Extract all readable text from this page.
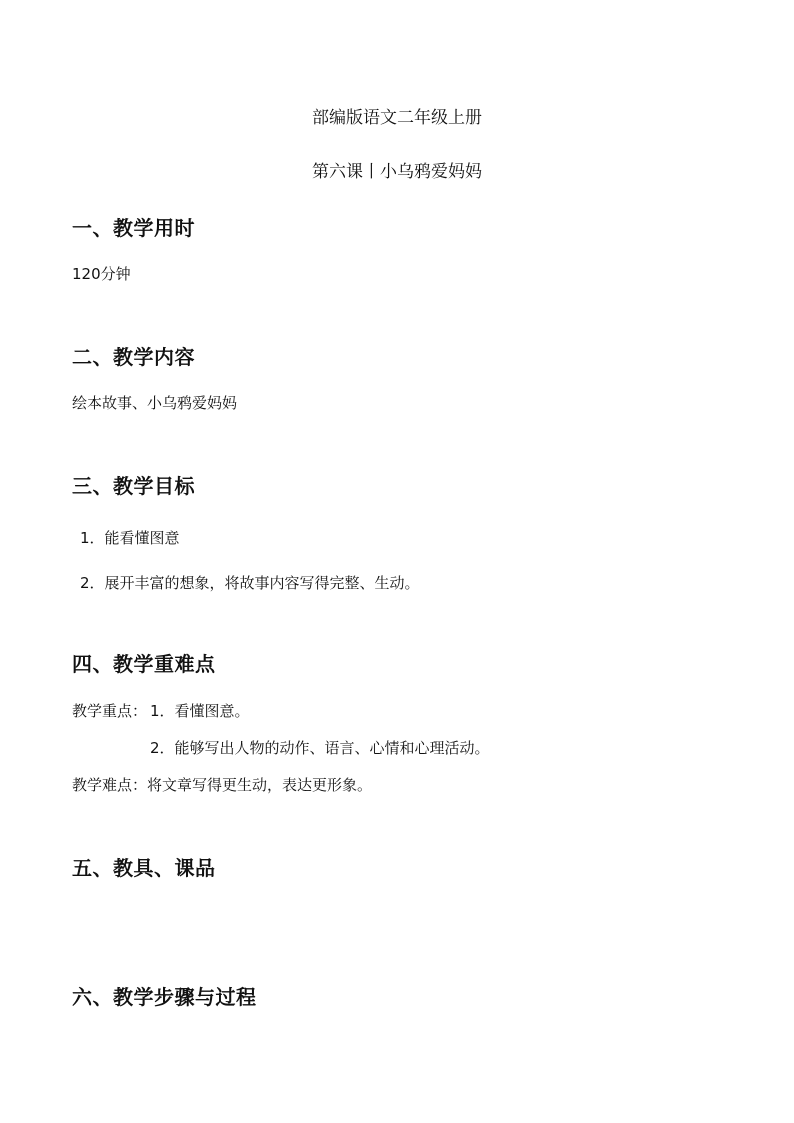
部编版语文二年级上册
第六课丨小乌鸦爱妈妈
一、教学用时
120分钟
二、教学内容
绘本故事、小乌鸦爱妈妈
三、教学目标
1．能看懂图意
2．展开丰富的想象，将故事内容写得完整、生动。
四、教学重难点
教学重点： 1．看懂图意。
2．能够写出人物的动作、语言、心情和心理活动。
教学难点：将文章写得更生动，表达更形象。
五、教具、课品
六、教学步骤与过程
